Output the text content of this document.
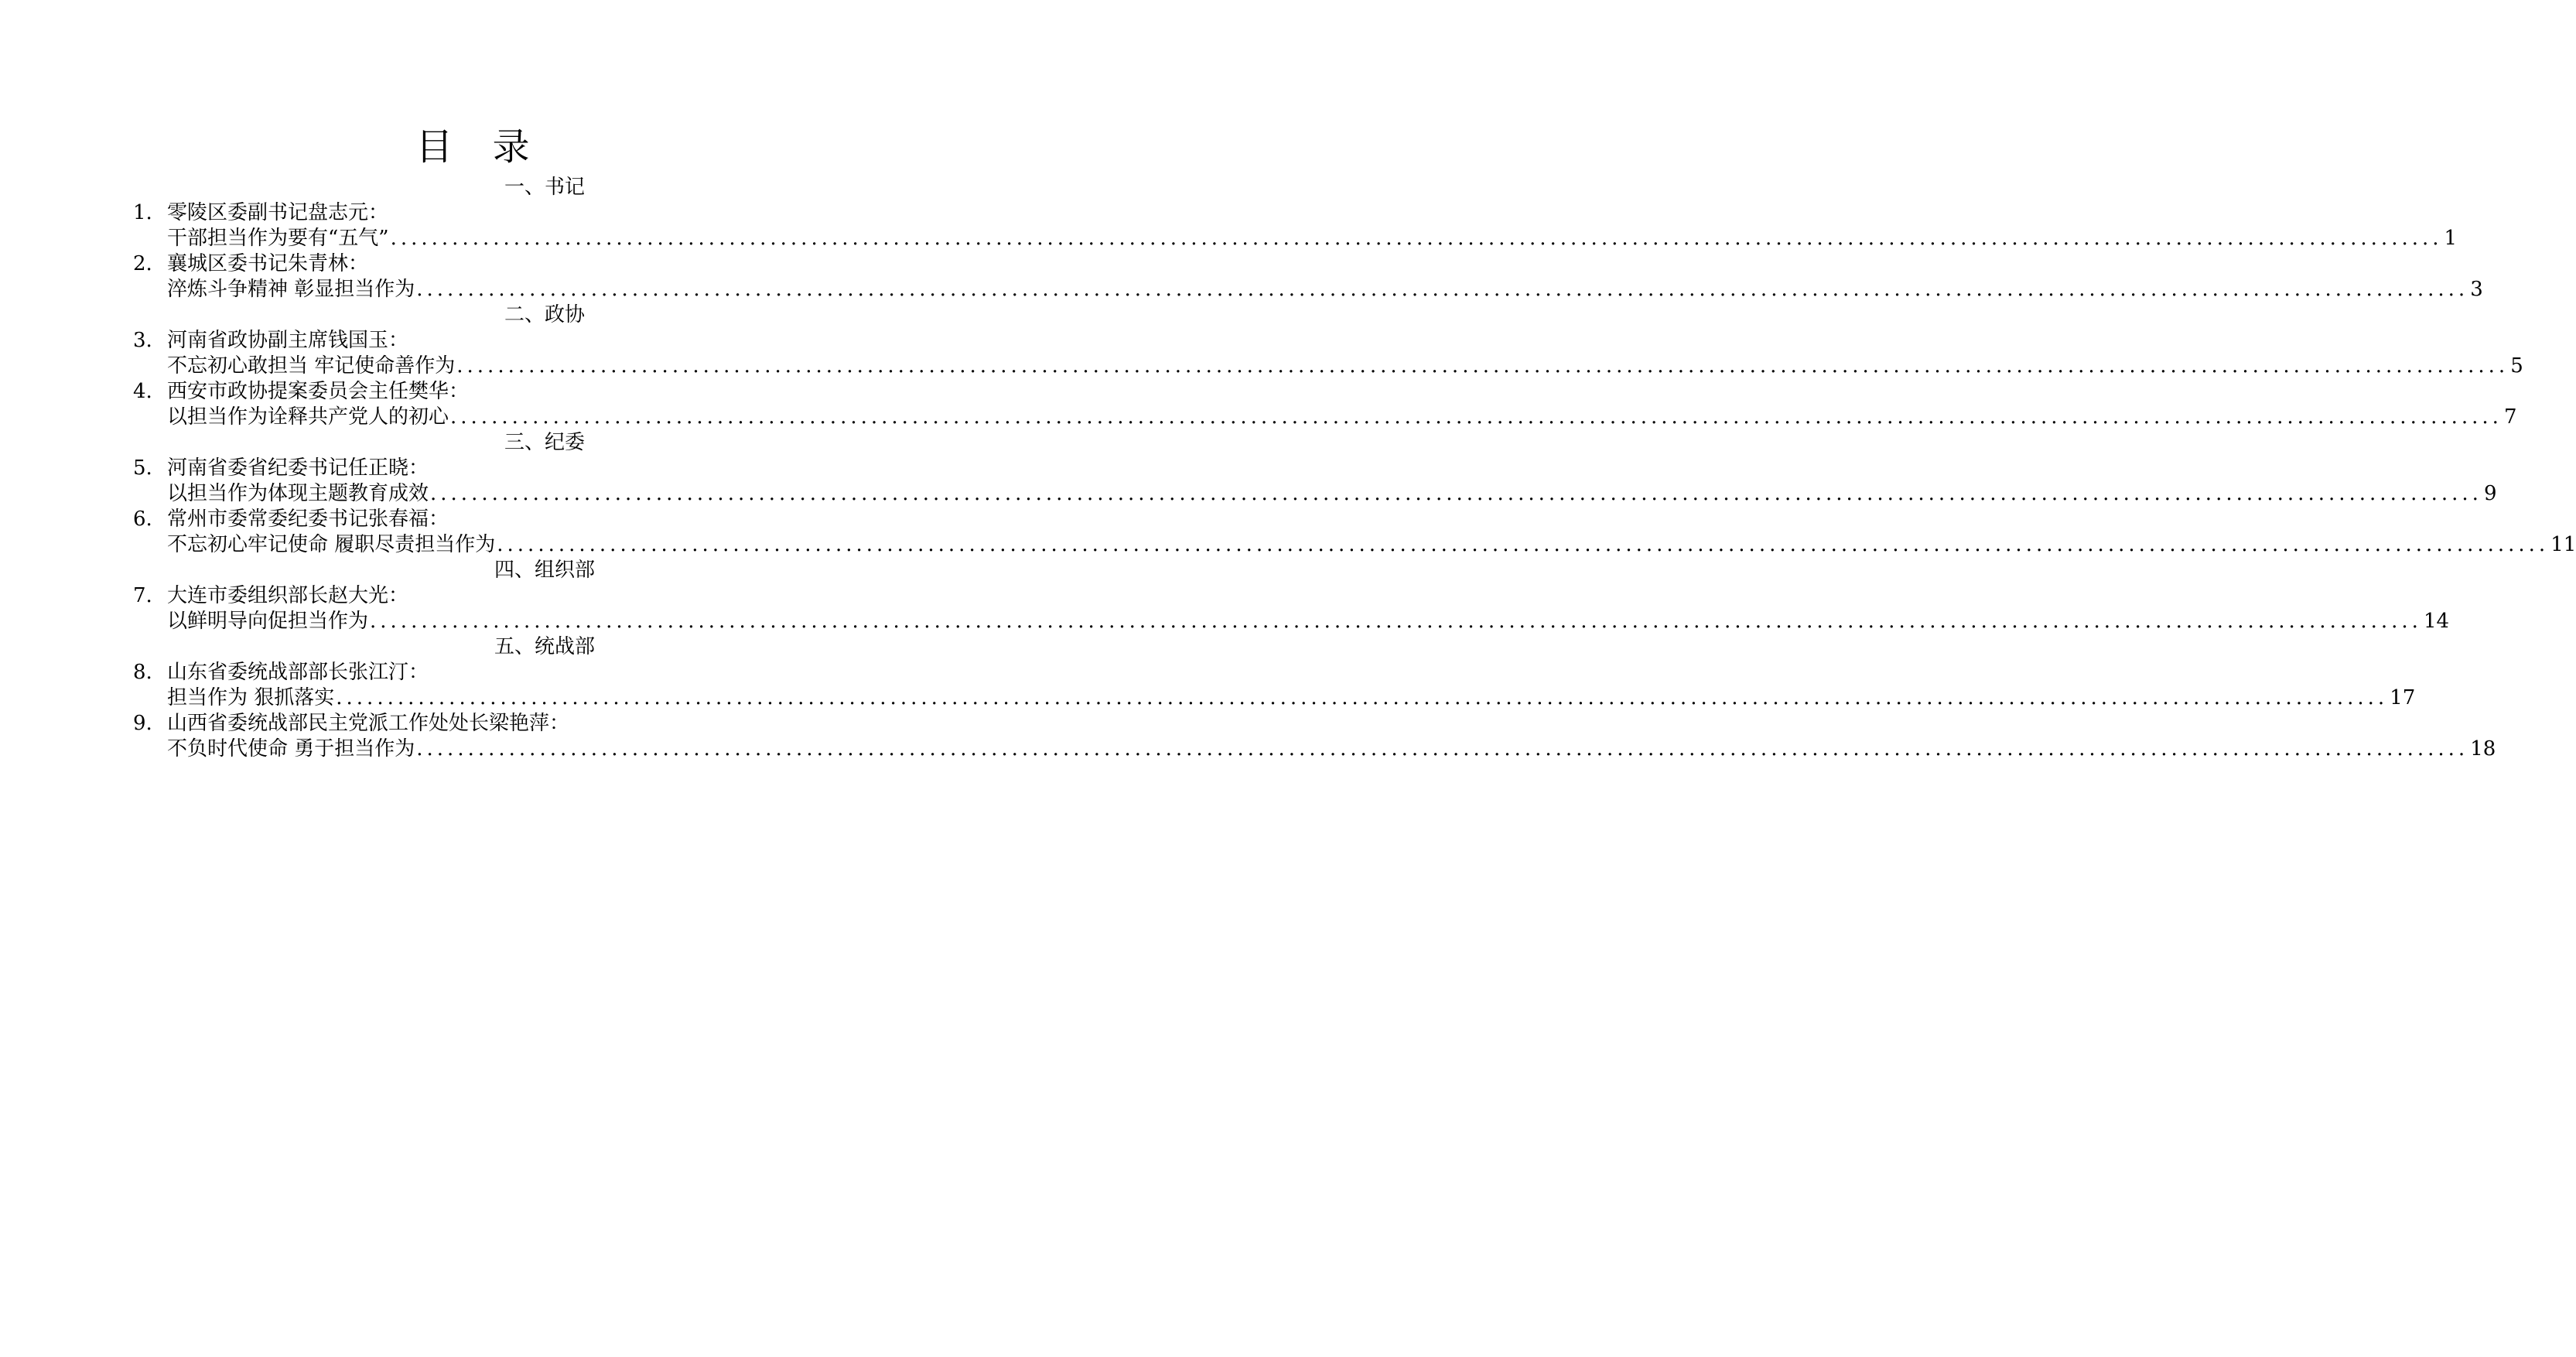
目 录
一、书记
1. 零陵区委副书记盘志元：
干部担当作为要有“五气” ........................................................................................................................................................................................................ 1
2. 襄城区委书记朱青林：
淬炼斗争精神 彰显担当作为 ........................................................................................................................................................................................................ 3
二、政协
3. 河南省政协副主席钱国玉：
不忘初心敢担当 牢记使命善作为 ........................................................................................................................................................................................................ 5
4. 西安市政协提案委员会主任樊华：
以担当作为诠释共产党人的初心 ........................................................................................................................................................................................................ 7
三、纪委
5. 河南省委省纪委书记任正晓：
以担当作为体现主题教育成效 ........................................................................................................................................................................................................ 9
6. 常州市委常委纪委书记张春福：
不忘初心牢记使命 履职尽责担当作为 ........................................................................................................................................................................................................ 11
四、组织部
7. 大连市委组织部长赵大光：
以鲜明导向促担当作为 ........................................................................................................................................................................................................ 14
五、统战部
8. 山东省委统战部部长张江汀：
担当作为 狠抓落实 ........................................................................................................................................................................................................ 17
9. 山西省委统战部民主党派工作处处长梁艳萍：
不负时代使命 勇于担当作为 ........................................................................................................................................................................................................ 18
